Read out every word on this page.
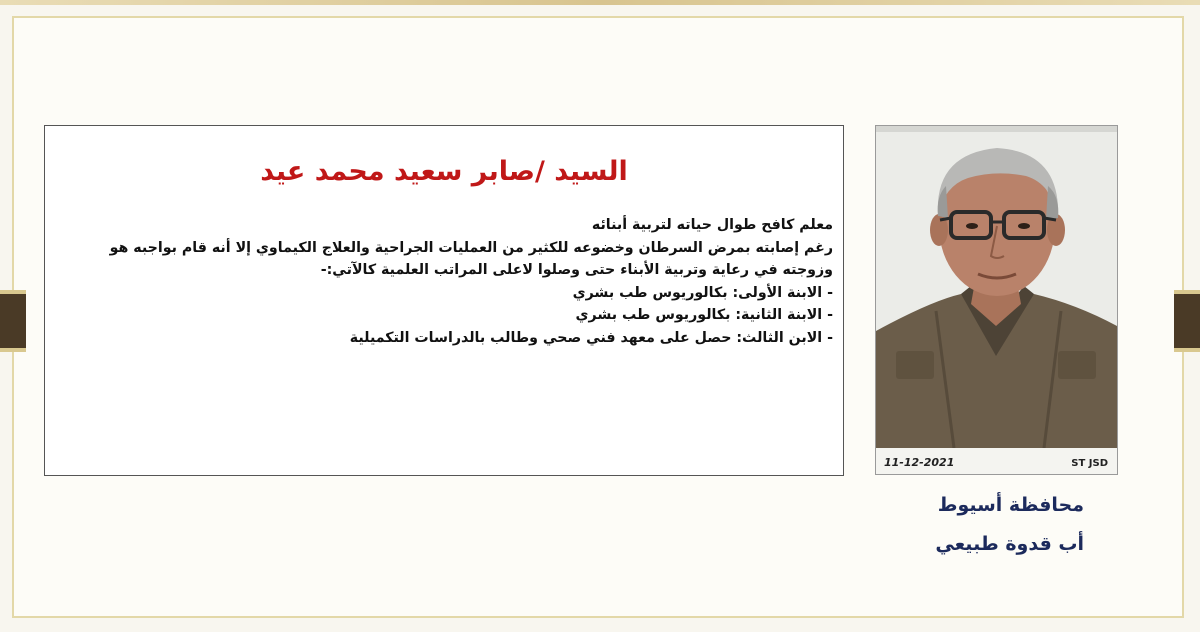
السيد /صابر سعيد محمد عيد
معلم كافح طوال حياته لتربية أبنائه
رغم إصابته بمرض السرطان وخضوعه للكثير من العمليات الجراحية والعلاج الكيماوي إلا أنه قام بواجبه هو وزوجته في رعاية وتربية الأبناء حتى وصلوا لاعلى المراتب العلمية كالآتي:-
- الابنة الأولى: بكالوريوس طب بشري
- الابنة الثانية: بكالوريوس طب بشري
- الابن الثالث: حصل على معهد فني صحي وطالب بالدراسات التكميلية
11-12-2021	ST JSD
محافظة أسيوط
أب قدوة طبيعي
